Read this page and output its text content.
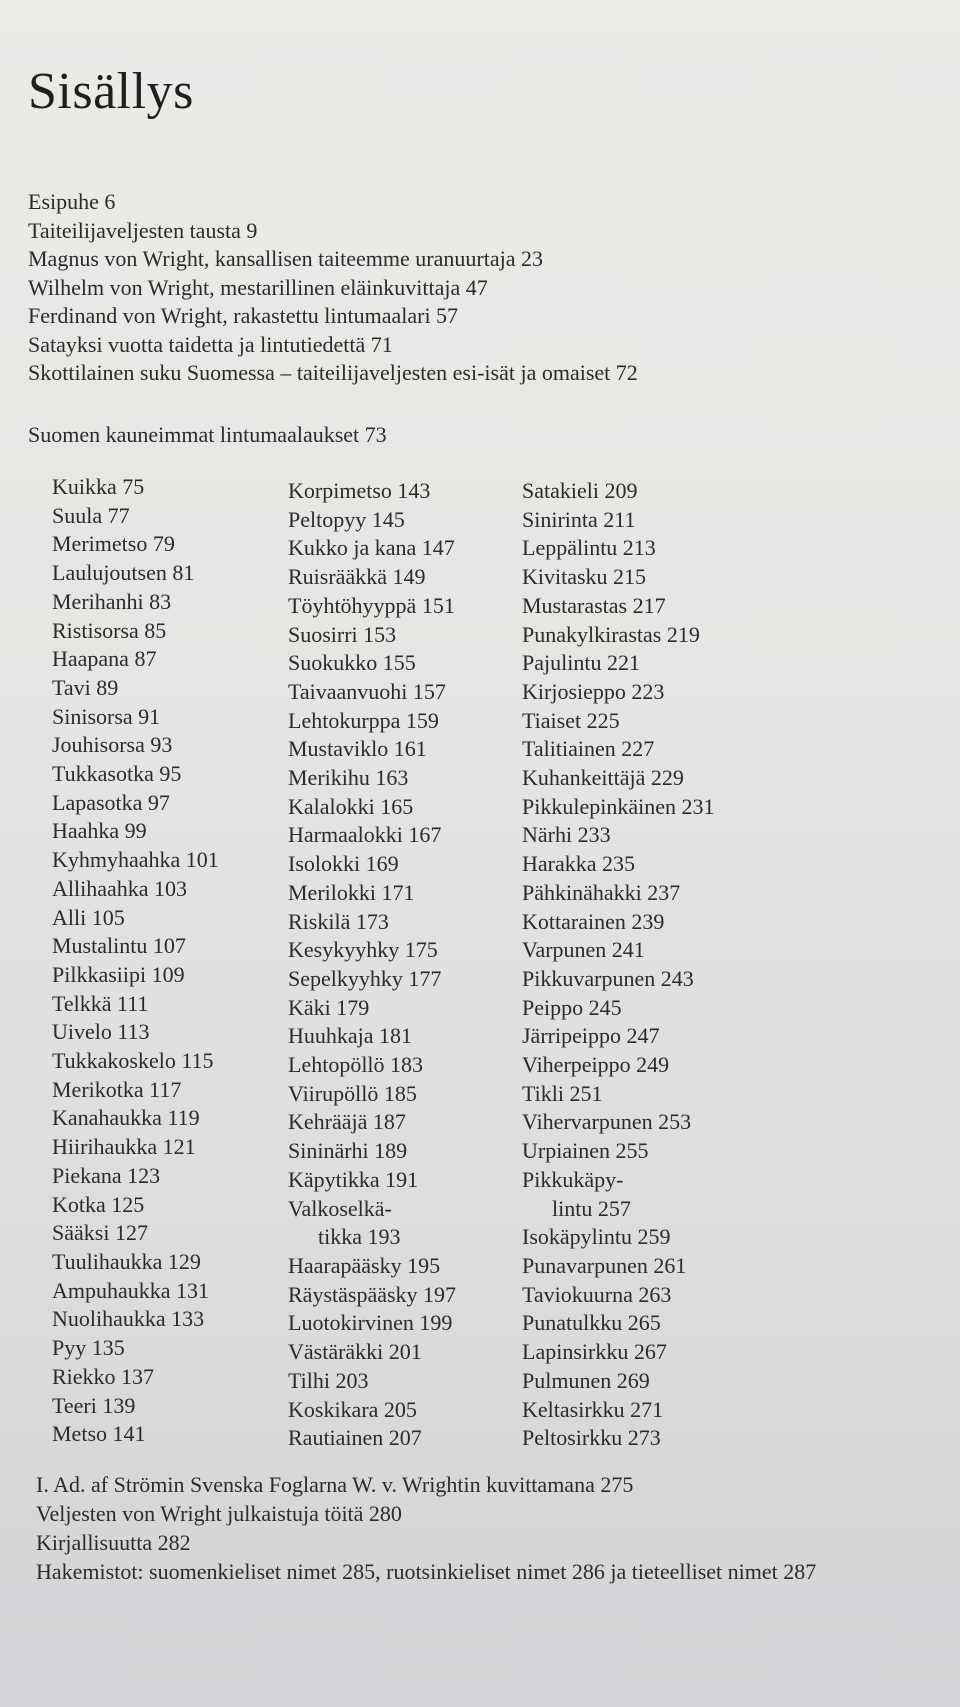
Sisällys
Esipuhe 6
Taiteilijaveljesten tausta 9
Magnus von Wright, kansallisen taiteemme uranuurtaja 23
Wilhelm von Wright, mestarillinen eläinkuvittaja 47
Ferdinand von Wright, rakastettu lintumaalari 57
Satayksi vuotta taidetta ja lintutiedettä 71
Skottilainen suku Suomessa – taiteilijaveljesten esi-isät ja omaiset 72
Suomen kauneimmat lintumaalaukset 73
Kuikka 75
Suula 77
Merimetso 79
Laulujoutsen 81
Merihanhi 83
Ristisorsa 85
Haapana 87
Tavi 89
Sinisorsa 91
Jouhisorsa 93
Tukkasotka 95
Lapasotka 97
Haahka 99
Kyhmyhaahka 101
Allihaahka 103
Alli 105
Mustalintu 107
Pilkkasiipi 109
Telkkä 111
Uivelo 113
Tukkakoskelo 115
Merikotka 117
Kanahaukka 119
Hiirihaukka 121
Piekana 123
Kotka 125
Sääksi 127
Tuulihaukka 129
Ampuhaukka 131
Nuolihaukka 133
Pyy 135
Riekko 137
Teeri 139
Metso 141
Korpimetso 143
Peltopyy 145
Kukko ja kana 147
Ruisrääkkä 149
Töyhtöhyyppä 151
Suosirri 153
Suokukko 155
Taivaanvuohi 157
Lehtokurppa 159
Mustaviklo 161
Merikihu 163
Kalalokki 165
Harmaalokki 167
Isolokki 169
Merilokki 171
Riskilä 173
Kesykyyhky 175
Sepelkyyhky 177
Käki 179
Huuhkaja 181
Lehtopöllö 183
Viirupöllö 185
Kehrääjä 187
Sininärhi 189
Käpytikka 191
Valkoselkä-
tikka 193
Haarapääsky 195
Räystäspääsky 197
Luotokirvinen 199
Västäräkki 201
Tilhi 203
Koskikara 205
Rautiainen 207
Satakieli 209
Sinirinta 211
Leppälintu 213
Kivitasku 215
Mustarastas 217
Punakylkirastas 219
Pajulintu 221
Kirjosieppo 223
Tiaiset 225
Talitiainen 227
Kuhankeittäjä 229
Pikkulepinkäinen 231
Närhi 233
Harakka 235
Pähkinähakki 237
Kottarainen 239
Varpunen 241
Pikkuvarpunen 243
Peippo 245
Järripeippo 247
Viherpeippo 249
Tikli 251
Vihervarpunen 253
Urpiainen 255
Pikkukäpy-
lintu 257
Isokäpylintu 259
Punavarpunen 261
Taviokuurna 263
Punatulkku 265
Lapinsirkku 267
Pulmunen 269
Keltasirkku 271
Peltosirkku 273
I. Ad. af Strömin Svenska Foglarna W. v. Wrightin kuvittamana 275
Veljesten von Wright julkaistuja töitä 280
Kirjallisuutta 282
Hakemistot: suomenkieliset nimet 285, ruotsinkieliset nimet 286 ja tieteelliset nimet 287
